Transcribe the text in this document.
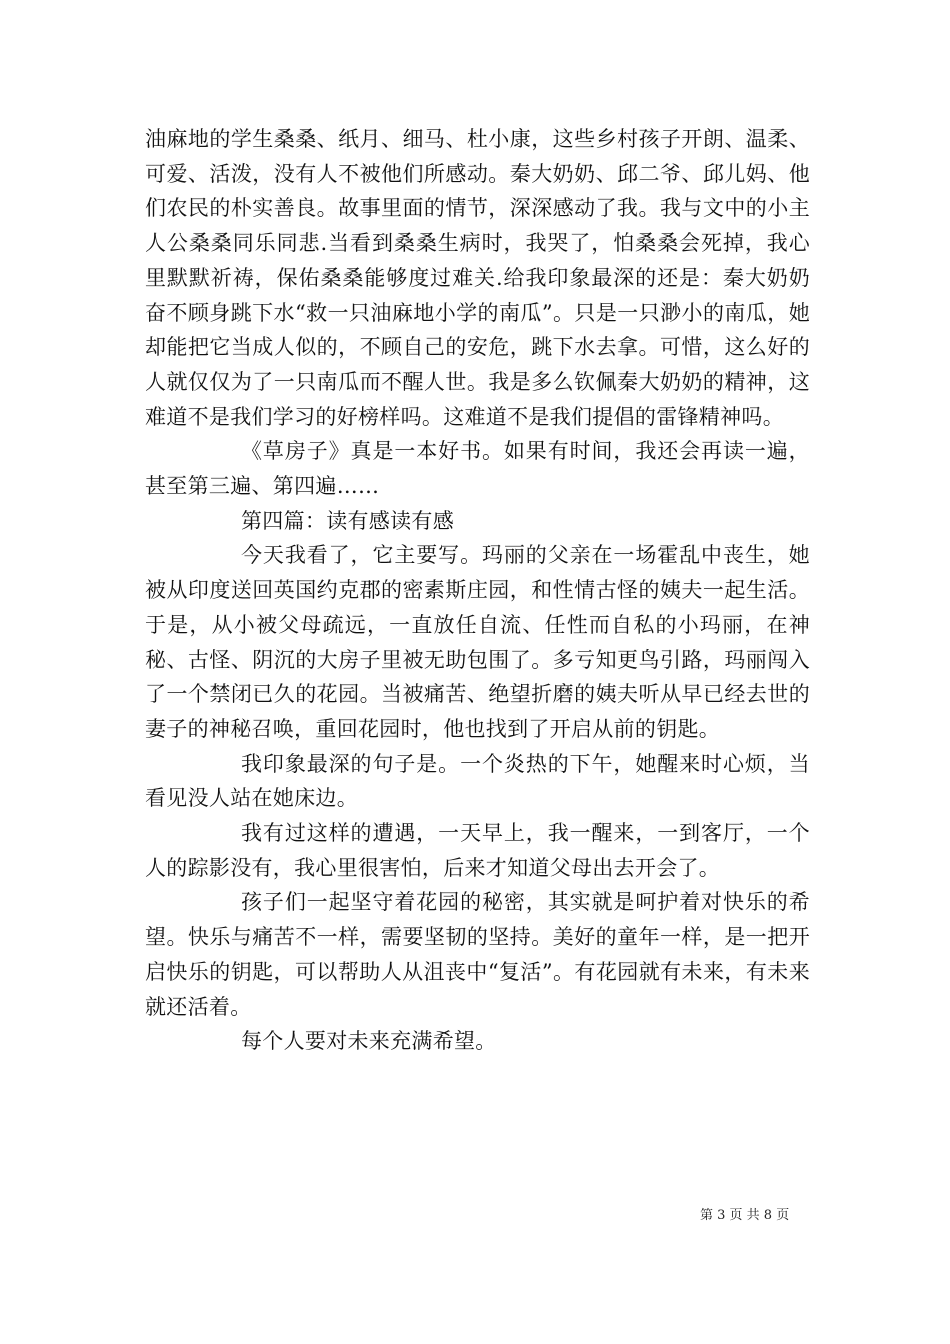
油麻地的学生桑桑、纸月、细马、杜小康，这些乡村孩子开朗、温柔、可爱、活泼，没有人不被他们所感动。秦大奶奶、邱二爷、邱儿妈、他们农民的朴实善良。故事里面的情节，深深感动了我。我与文中的小主人公桑桑同乐同悲.当看到桑桑生病时，我哭了，怕桑桑会死掉，我心里默默祈祷，保佑桑桑能够度过难关.给我印象最深的还是：秦大奶奶奋不顾身跳下水“救一只油麻地小学的南瓜”。只是一只渺小的南瓜，她却能把它当成人似的，不顾自己的安危，跳下水去拿。可惜，这么好的人就仅仅为了一只南瓜而不醒人世。我是多么钦佩秦大奶奶的精神，这难道不是我们学习的好榜样吗。这难道不是我们提倡的雷锋精神吗。

《草房子》真是一本好书。如果有时间，我还会再读一遍，甚至第三遍、第四遍……

第四篇：读有感读有感

今天我看了，它主要写。玛丽的父亲在一场霍乱中丧生，她被从印度送回英国约克郡的密素斯庄园，和性情古怪的姨夫一起生活。于是，从小被父母疏远，一直放任自流、任性而自私的小玛丽，在神秘、古怪、阴沉的大房子里被无助包围了。多亏知更鸟引路，玛丽闯入了一个禁闭已久的花园。当被痛苦、绝望折磨的姨夫听从早已经去世的妻子的神秘召唤，重回花园时，他也找到了开启从前的钥匙。

我印象最深的句子是。一个炎热的下午，她醒来时心烦，当看见没人站在她床边。

我有过这样的遭遇，一天早上，我一醒来，一到客厅，一个人的踪影没有，我心里很害怕，后来才知道父母出去开会了。

孩子们一起坚守着花园的秘密，其实就是呵护着对快乐的希望。快乐与痛苦不一样，需要坚韧的坚持。美好的童年一样，是一把开启快乐的钥匙，可以帮助人从沮丧中“复活”。有花园就有未来，有未来就还活着。

每个人要对未来充满希望。

第 3 页 共 8 页
